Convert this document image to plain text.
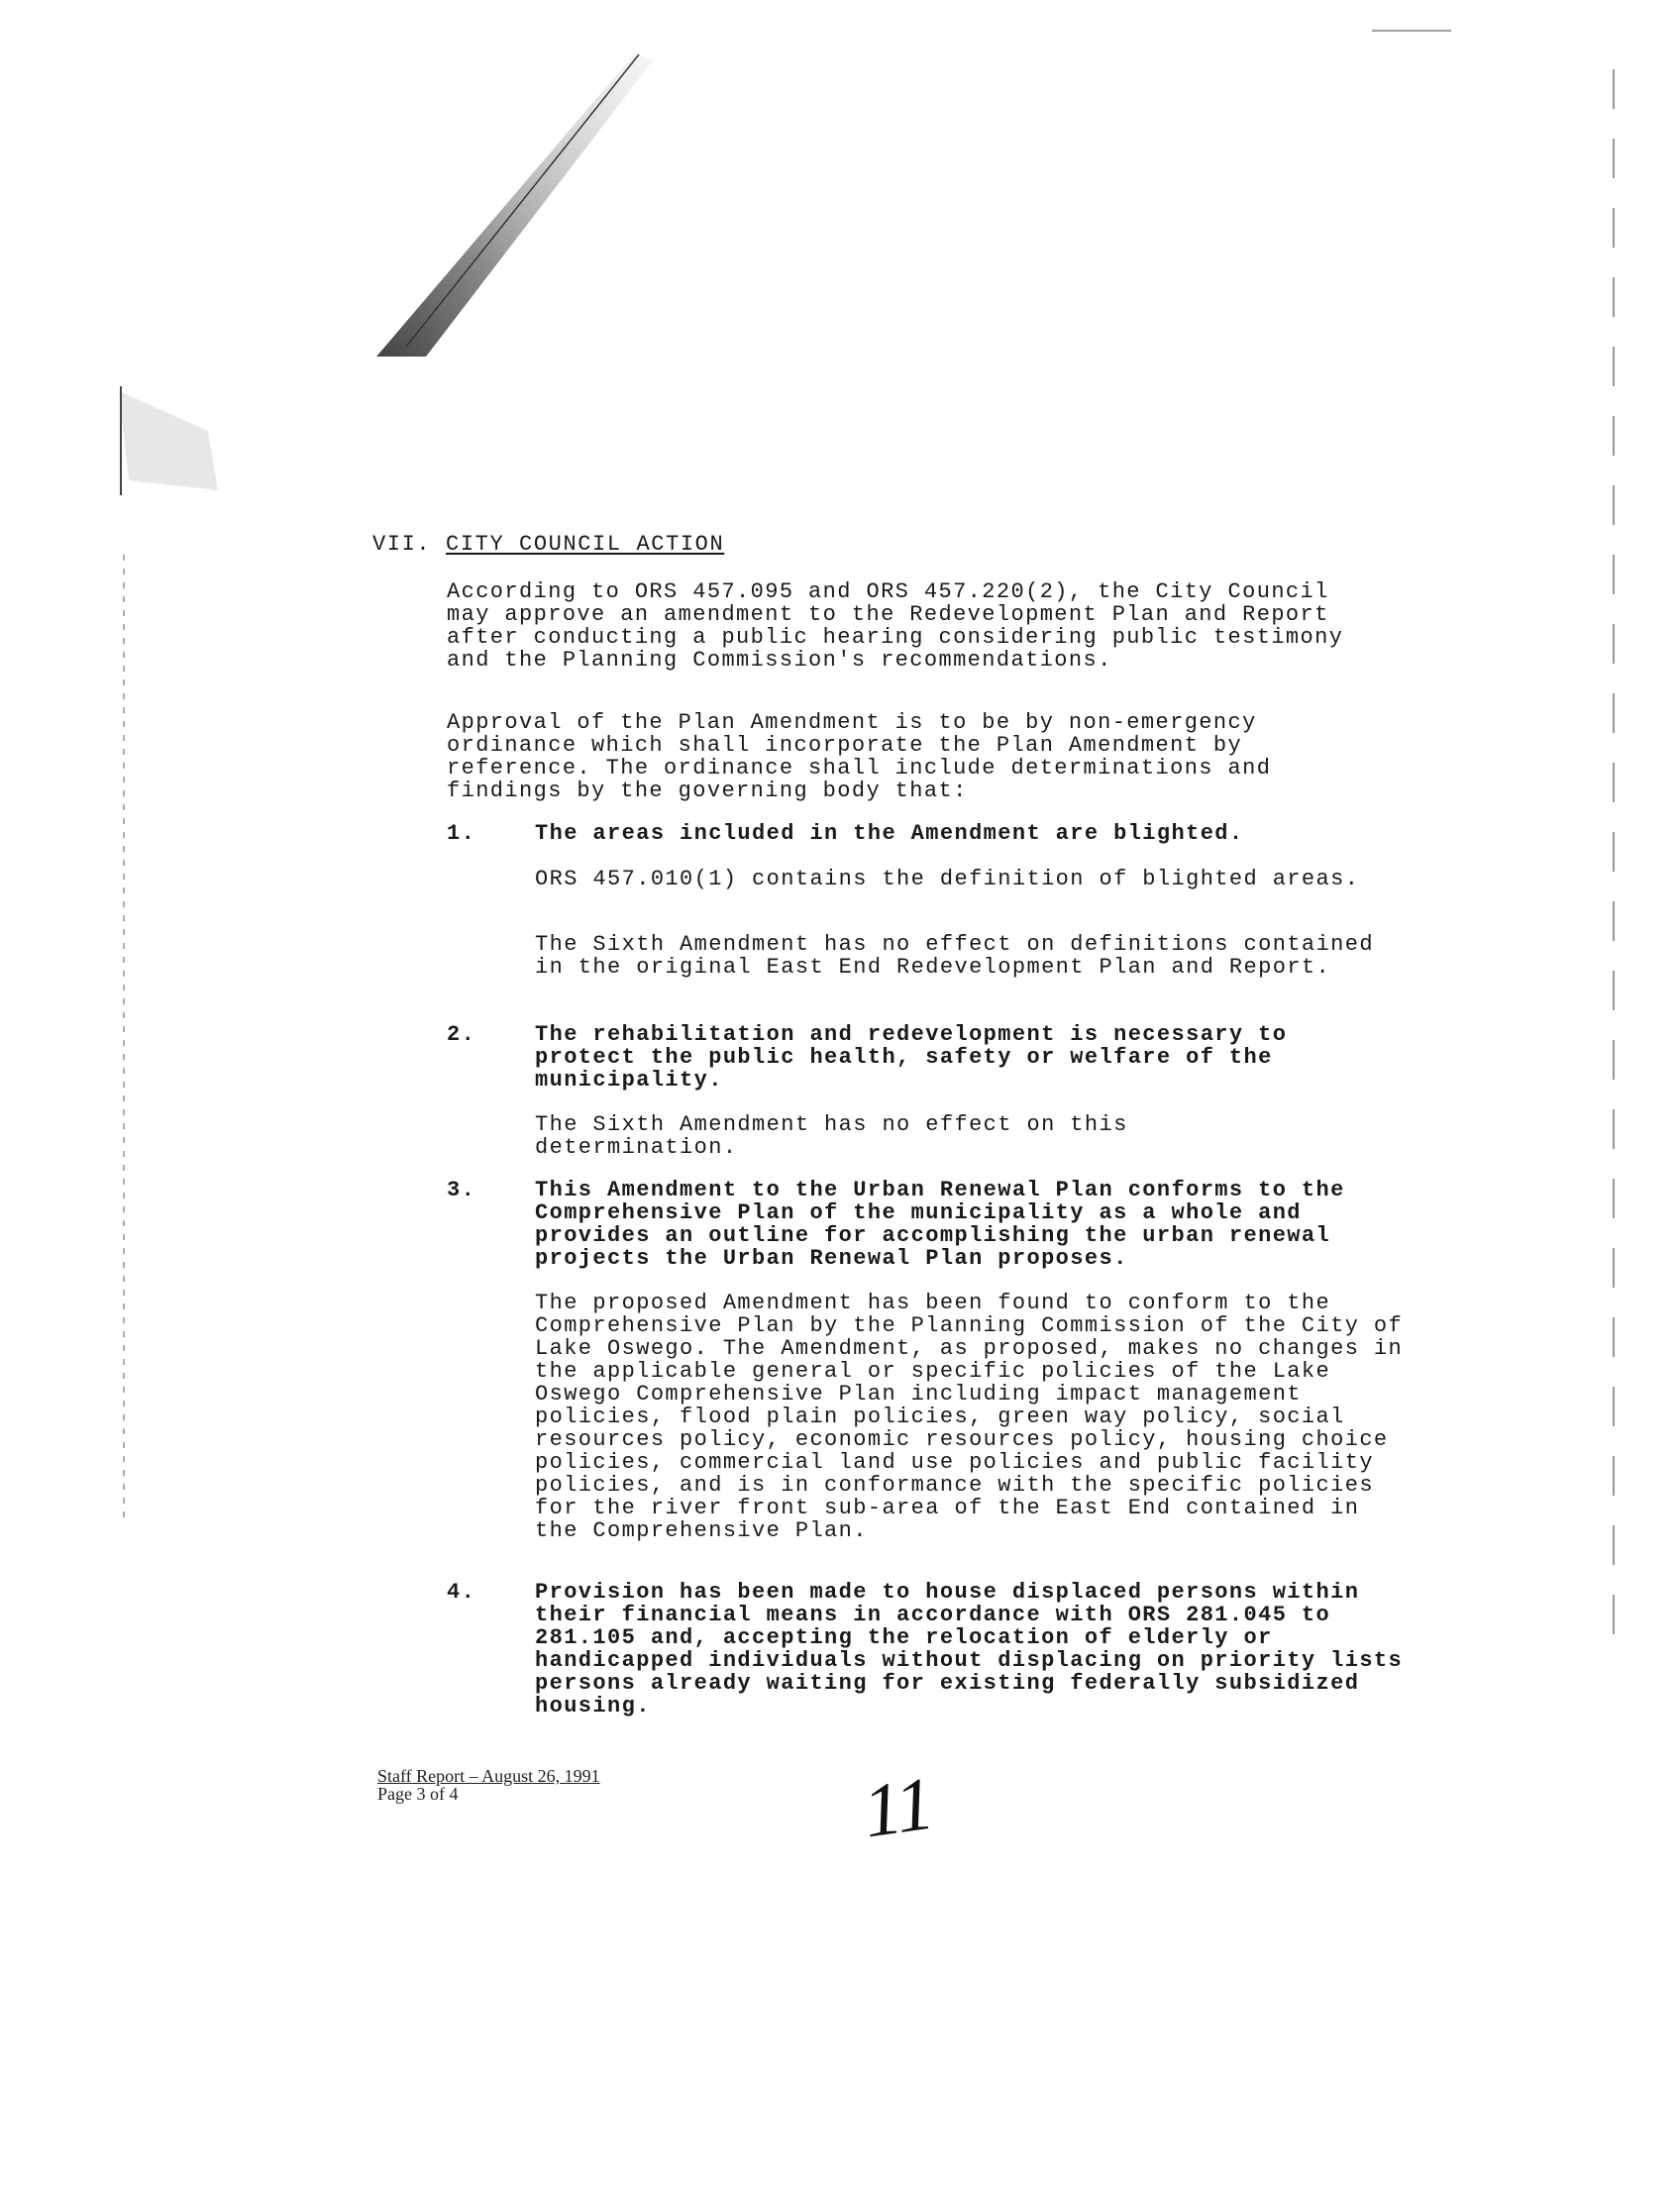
VII. CITY COUNCIL ACTION
According to ORS 457.095 and ORS 457.220(2), the City Council may approve an amendment to the Redevelopment Plan and Report after conducting a public hearing considering public testimony and the Planning Commission's recommendations.
Approval of the Plan Amendment is to be by non-emergency ordinance which shall incorporate the Plan Amendment by reference. The ordinance shall include determinations and findings by the governing body that:
1.	The areas included in the Amendment are blighted.
ORS 457.010(1) contains the definition of blighted areas.
The Sixth Amendment has no effect on definitions contained in the original East End Redevelopment Plan and Report.
2.	The rehabilitation and redevelopment is necessary to protect the public health, safety or welfare of the municipality.
The Sixth Amendment has no effect on this determination.
3.	This Amendment to the Urban Renewal Plan conforms to the Comprehensive Plan of the municipality as a whole and provides an outline for accomplishing the urban renewal projects the Urban Renewal Plan proposes.
The proposed Amendment has been found to conform to the Comprehensive Plan by the Planning Commission of the City of Lake Oswego. The Amendment, as proposed, makes no changes in the applicable general or specific policies of the Lake Oswego Comprehensive Plan including impact management policies, flood plain policies, green way policy, social resources policy, economic resources policy, housing choice policies, commercial land use policies and public facility policies, and is in conformance with the specific policies for the river front sub-area of the East End contained in the Comprehensive Plan.
4.	Provision has been made to house displaced persons within their financial means in accordance with ORS 281.045 to 281.105 and, accepting the relocation of elderly or handicapped individuals without displacing on priority lists persons already waiting for existing federally subsidized housing.
Staff Report – August 26, 1991
Page 3 of 4	11
